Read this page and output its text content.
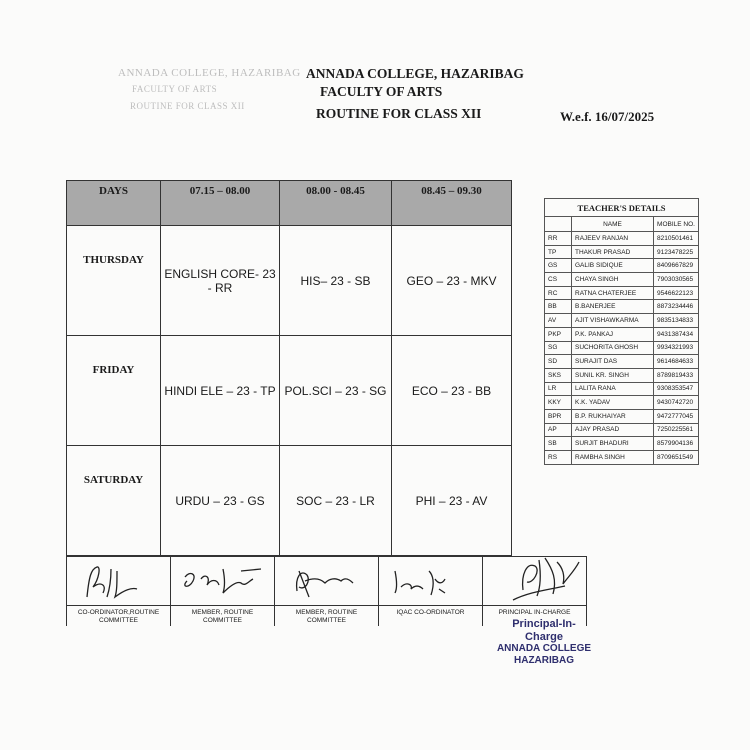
ANNADA COLLEGE, HAZARIBAG
FACULTY OF ARTS
ROUTINE FOR CLASS XII
ANNADA COLLEGE, HAZARIBAG
FACULTY OF ARTS
ROUTINE FOR CLASS XII	W.e.f. 16/07/2025
DAYS	07.15 – 08.00	08.00 - 08.45	08.45 – 09.30
THURSDAY	ENGLISH CORE- 23 - RR	HIS– 23 - SB	GEO – 23 - MKV
FRIDAY	HINDI ELE – 23 - TP	POL.SCI – 23 - SG	ECO – 23 - BB
SATURDAY	URDU – 23 - GS	SOC – 23 - LR	PHI – 23 - AV
TEACHER'S DETAILS		
	NAME	MOBILE NO.
RR	RAJEEV RANJAN	8210501461
TP	THAKUR PRASAD	9123478225
GS	GALIB SIDIQUE	8409667829
CS	CHAYA SINGH	7903030565
RC	RATNA CHATERJEE	9546622123
BB	B.BANERJEE	8873234446
AV	AJIT VISHAWKARMA	9835134833
PKP	P.K. PANKAJ	9431387434
SG	SUCHORITA GHOSH	9934321993
SD	SURAJIT DAS	9614684633
SKS	SUNIL KR. SINGH	8789819433
LR	LALITA RANA	9308353547
KKY	K.K. YADAV	9430742720
BPR	B.P. RUKHAIYAR	9472777045
AP	AJAY PRASAD	7250225561
SB	SURJIT BHADURI	8579904136
RS	RAMBHA SINGH	8709651549

CO-ORDINATOR,ROUTINE COMMITTEE	MEMBER, ROUTINE COMMITTEE	MEMBER, ROUTINE COMMITTEE	IQAC CO-ORDINATOR	PRINCIPAL IN-CHARGE
Principal-In-Charge
ANNADA COLLEGE
HAZARIBAG
